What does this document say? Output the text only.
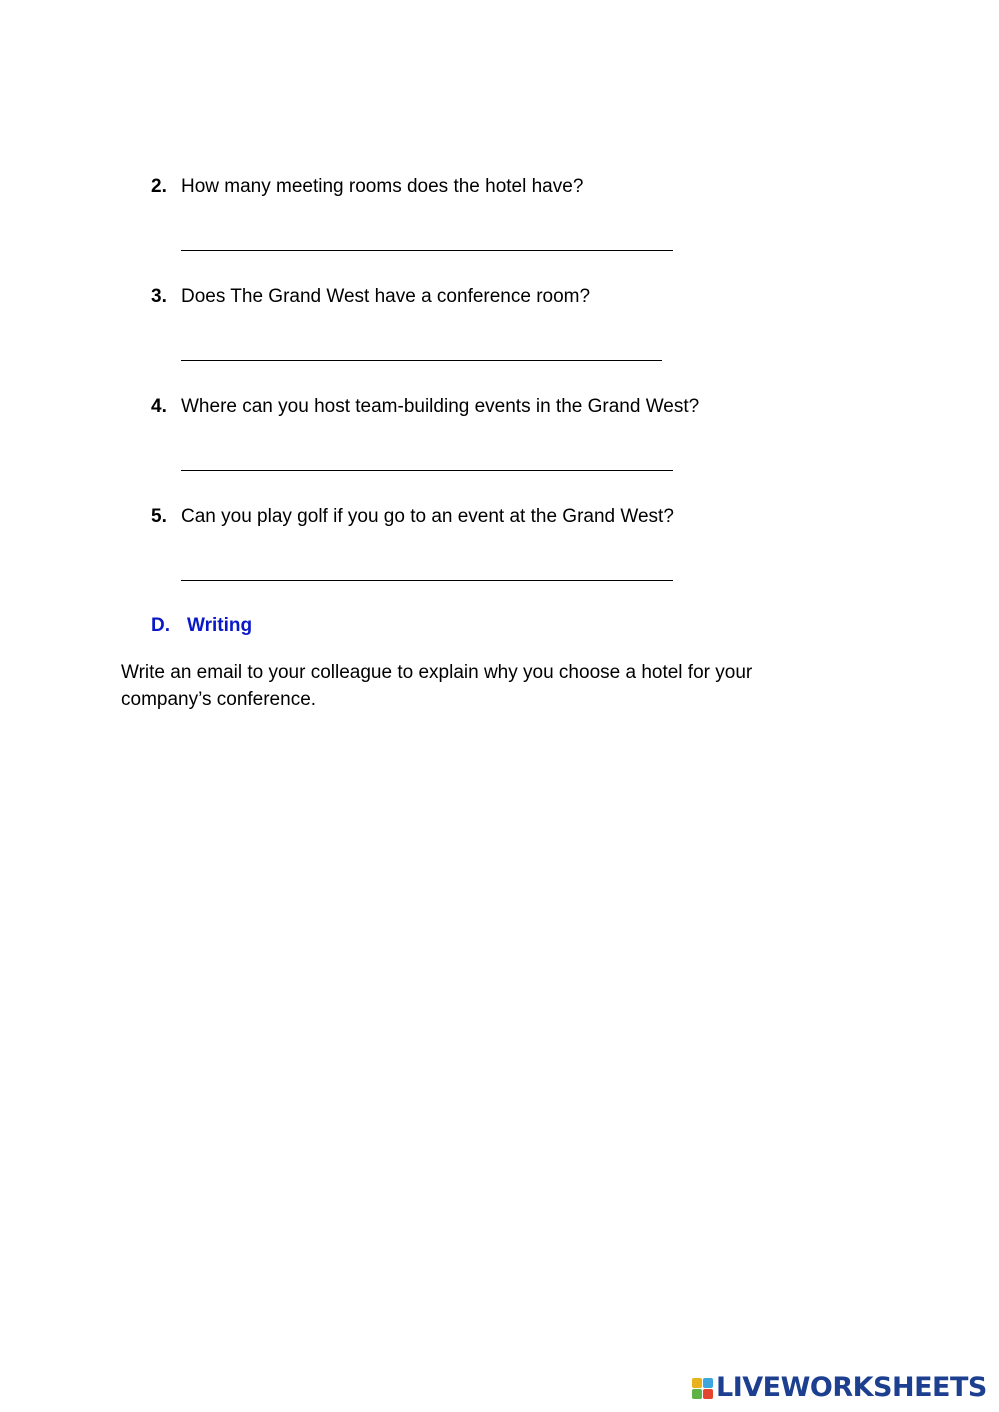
2. How many meeting rooms does the hotel have?
3. Does The Grand West have a conference room?
4. Where can you host team-building events in the Grand West?
5. Can you play golf if you go to an event at the Grand West?
D. Writing
Write an email to your colleague to explain why you choose a hotel for your company’s conference.
LIVEWORKSHEETS
